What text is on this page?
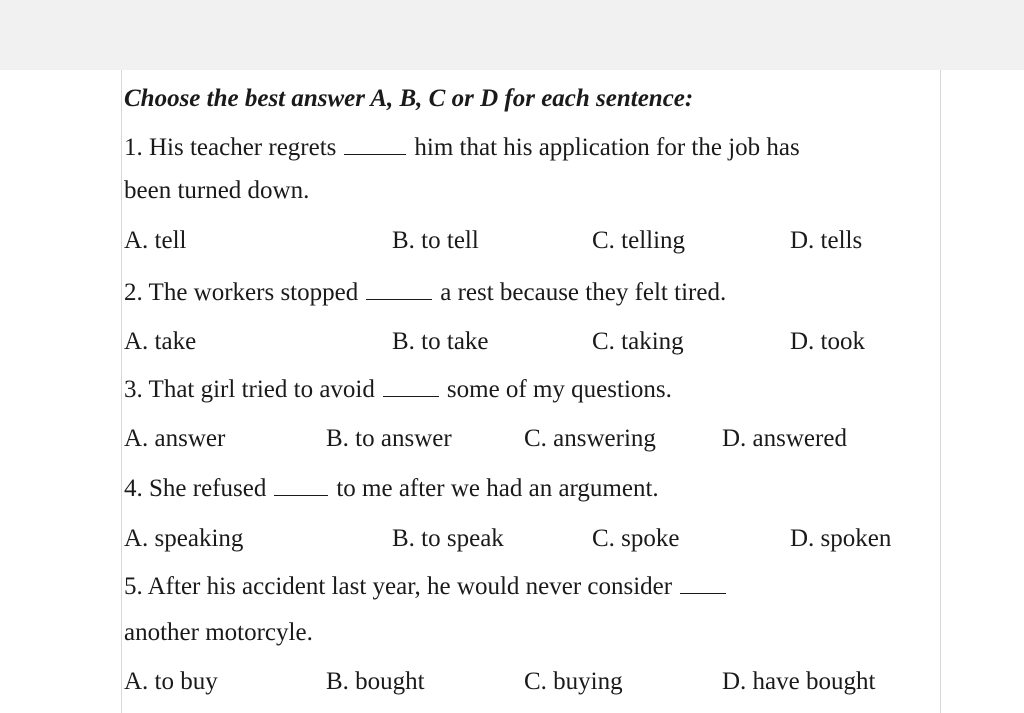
Choose the best answer A, B, C or D for each sentence:
1. His teacher regrets	him that his application for the job has
been turned down.
A. tell	B. to tell	C. telling	D. tells
2. The workers stopped	a rest because they felt tired.
A. take	B. to take	C. taking	D. took
3. That girl tried to avoid	some of my questions.
A. answer	B. to answer	C. answering	D. answered
4. She refused	to me after we had an argument.
A. speaking	B. to speak	C. spoke	D. spoken
5. After his accident last year, he would never consider
another motorcyle.
A. to buy	B. bought	C. buying	D. have bought
